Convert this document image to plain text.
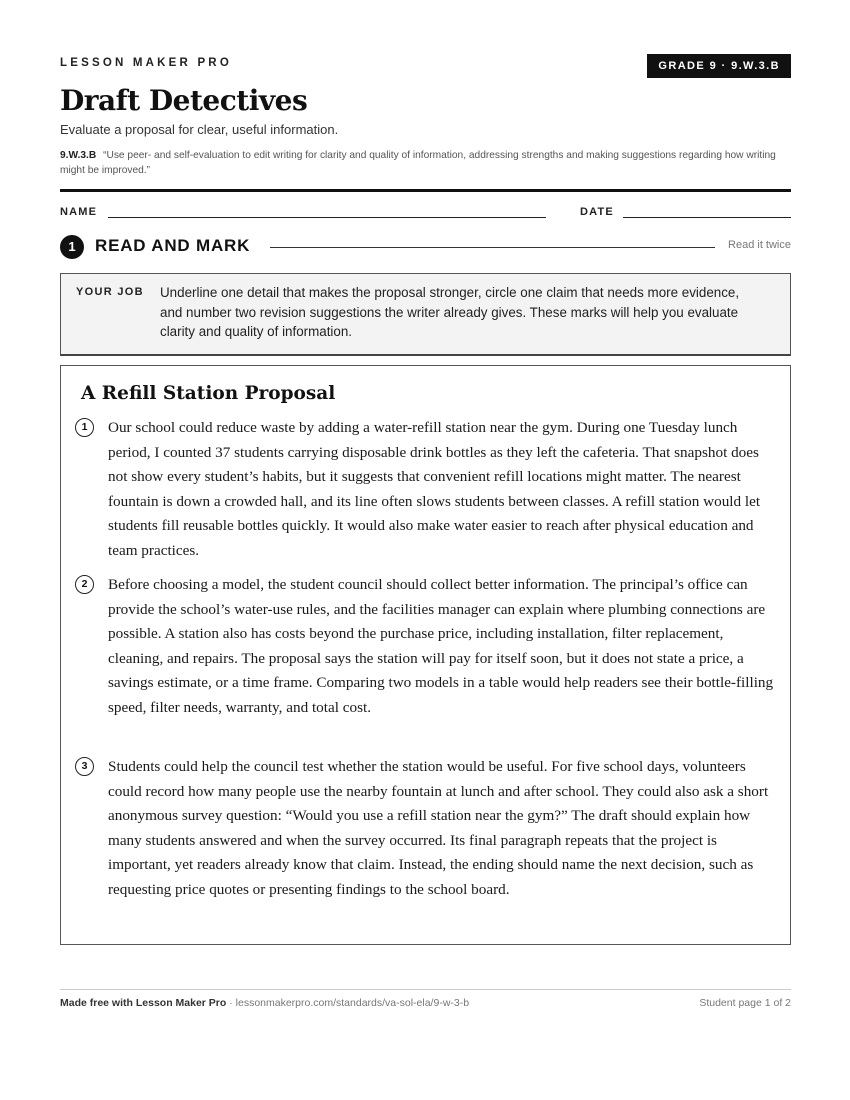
LESSON MAKER PRO	GRADE 9 · 9.W.3.B
Draft Detectives
Evaluate a proposal for clear, useful information.
9.W.3.B “Use peer- and self-evaluation to edit writing for clarity and quality of information, addressing strengths and making suggestions regarding how writing might be improved.”
NAME	DATE
1	READ AND MARK	Read it twice
YOUR JOB Underline one detail that makes the proposal stronger, circle one claim that needs more evidence, and number two revision suggestions the writer already gives. These marks will help you evaluate clarity and quality of information.
A Refill Station Proposal
1	Our school could reduce waste by adding a water-refill station near the gym. During one Tuesday lunch period, I counted 37 students carrying disposable drink bottles as they left the cafeteria. That snapshot does not show every student’s habits, but it suggests that convenient refill locations might matter. The nearest fountain is down a crowded hall, and its line often slows students between classes. A refill station would let students fill reusable bottles quickly. It would also make water easier to reach after physical education and team practices.

2	Before choosing a model, the student council should collect better information. The principal’s office can provide the school’s water-use rules, and the facilities manager can explain where plumbing connections are possible. A station also has costs beyond the purchase price, including installation, filter replacement, cleaning, and repairs. The proposal says the station will pay for itself soon, but it does not state a price, a savings estimate, or a time frame. Comparing two models in a table would help readers see their bottle-filling speed, filter needs, warranty, and total cost.

3	Students could help the council test whether the station would be useful. For five school days, volunteers could record how many people use the nearby fountain at lunch and after school. They could also ask a short anonymous survey question: “Would you use a refill station near the gym?” The draft should explain how many students answered and when the survey occurred. Its final paragraph repeats that the project is important, yet readers already know that claim. Instead, the ending should name the next decision, such as requesting price quotes or presenting findings to the school board.

Made free with Lesson Maker Pro · lessonmakerpro.com/standards/va-sol-ela/9-w-3-b	Student page 1 of 2
